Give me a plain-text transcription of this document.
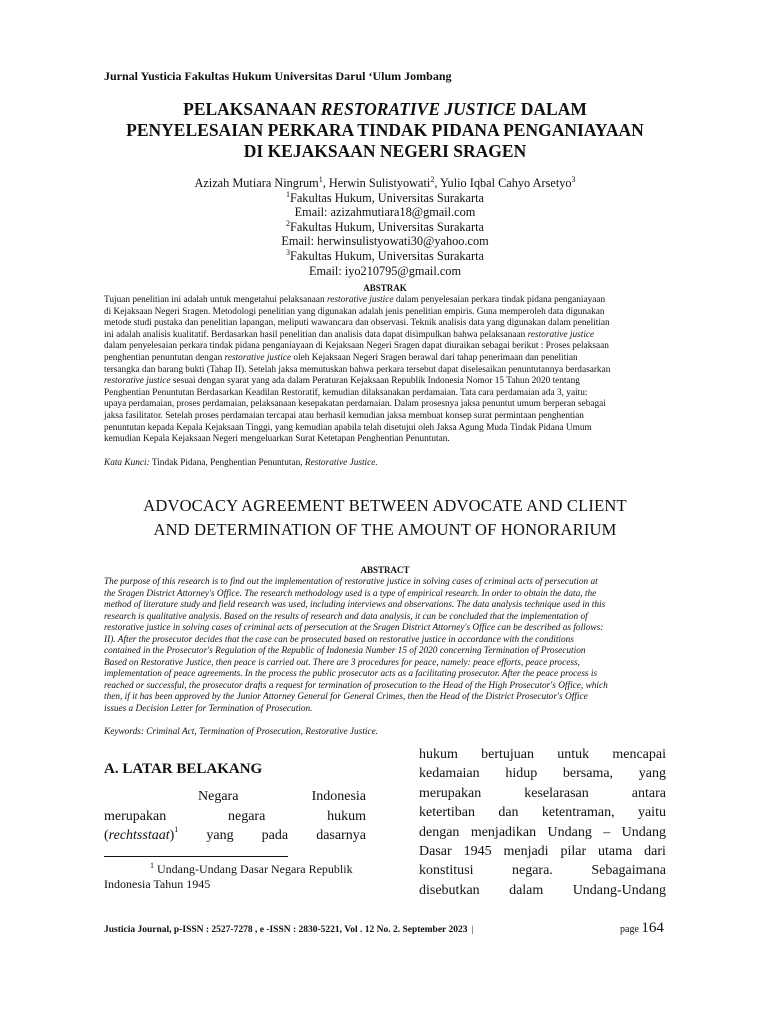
Jurnal Yusticia Fakultas Hukum Universitas Darul ‘Ulum Jombang
PELAKSANAAN RESTORATIVE JUSTICE DALAM
PENYELESAIAN PERKARA TINDAK PIDANA PENGANIAYAAN
DI KEJAKSAAN NEGERI SRAGEN
Azizah Mutiara Ningrum$^1$, Herwin Sulistyowati$^2$, Yulio Iqbal Cahyo Arsetyo$^3$
$^1$Fakultas Hukum, Universitas Surakarta
Email: azizahmutiara18@gmail.com
$^2$Fakultas Hukum, Universitas Surakarta
Email: herwinsulistyowati30@yahoo.com
$^3$Fakultas Hukum, Universitas Surakarta
Email: iyo210795@gmail.com
ABSTRAK
Tujuan penelitian ini adalah untuk mengetahui pelaksanaan restorative justice dalam penyelesaian perkara tindak pidana penganiayaan
di Kejaksaan Negeri Sragen. Metodologi penelitian yang digunakan adalah jenis penelitian empiris. Guna memperoleh data digunakan
metode studi pustaka dan penelitian lapangan, meliputi wawancara dan observasi. Teknik analisis data yang digunakan dalam penelitian
ini adalah analisis kualitatif. Berdasarkan hasil penelitian dan analisis data dapat disimpulkan bahwa pelaksanaan restorative justice
dalam penyelesaian perkara tindak pidana penganiayaan di Kejaksaan Negeri Sragen dapat diuraikan sebagai berikut : Proses pelaksaan
penghentian penuntutan dengan restorative justice oleh Kejaksaan Negeri Sragen berawal dari tahap penerimaan dan penelitian
tersangka dan barang bukti (Tahap II). Setelah jaksa memutuskan bahwa perkara tersebut dapat diselesaikan penuntutannya berdasarkan
restorative justice sesuai dengan syarat yang ada dalam Peraturan Kejaksaan Republik Indonesia Nomor 15 Tahun 2020 tentang
Penghentian Penuntutan Berdasarkan Keadilan Restoratif, kemudian dilaksanakan perdamaian. Tata cara perdamaian ada 3, yaitu:
upaya perdamaian, proses perdamaian, pelaksanaan kesepakatan perdamaian. Dalam prosesnya jaksa penuntut umum berperan sebagai
jaksa fasilitator. Setelah proses perdamaian tercapai atau berhasil kemudian jaksa membuat konsep surat permintaan penghentian
penuntutan kepada Kepala Kejaksaan Tinggi, yang kemudian apabila telah disetujui oleh Jaksa Agung Muda Tindak Pidana Umum
kemudian Kepala Kejaksaan Negeri mengeluarkan Surat Ketetapan Penghentian Penuntutan.
Kata Kunci: Tindak Pidana, Penghentian Penuntutan, Restorative Justice.
ADVOCACY AGREEMENT BETWEEN ADVOCATE AND CLIENT
AND DETERMINATION OF THE AMOUNT OF HONORARIUM
ABSTRACT
The purpose of this research is to find out the implementation of restorative justice in solving cases of criminal acts of persecution at
the Sragen District Attorney's Office. The research methodology used is a type of empirical research. In order to obtain the data, the
method of literature study and field research was used, including interviews and observations. The data analysis technique used in this
research is qualitative analysis. Based on the results of research and data analysis, it can be concluded that the implementation of
restorative justice in solving cases of criminal acts of persecution at the Sragen District Attorney's Office can be described as follows:
II). After the prosecutor decides that the case can be prosecuted based on restorative justice in accordance with the conditions
contained in the Prosecutor's Regulation of the Republic of Indonesia Number 15 of 2020 concerning Termination of Prosecution
Based on Restorative Justice, then peace is carried out. There are 3 procedures for peace, namely: peace efforts, peace process,
implementation of peace agreements. In the process the public prosecutor acts as a facilitating prosecutor. After the peace process is
reached or successful, the prosecutor drafts a request for termination of prosecution to the Head of the High Prosecutor's Office, which
then, if it has been approved by the Junior Attorney General for General Crimes, then the Head of the District Prosecutor's Office
issues a Decision Letter for Termination of Prosecution.
Keywords: Criminal Act, Termination of Prosecution, Restorative Justice.
A. LATAR BELAKANG
Negara	Indonesia
merupakan	negara	hukum
(rechtsstaat)$^1$ yang pada dasarnya
$^1$ Undang-Undang Dasar Negara Republik
Indonesia Tahun 1945
hukum bertujuan untuk mencapai
kedamaian hidup bersama, yang
merupakan	keselarasan	antara
ketertiban dan ketentraman, yaitu
dengan menjadikan Undang – Undang
Dasar 1945 menjadi pilar utama dari
konstitusi	negara.	Sebagaimana
disebutkan dalam Undang-Undang
Justicia Journal, p-ISSN : 2527-7278 , e -ISSN : 2830-5221, Vol . 12 No. 2. September 2023 |	page 164
